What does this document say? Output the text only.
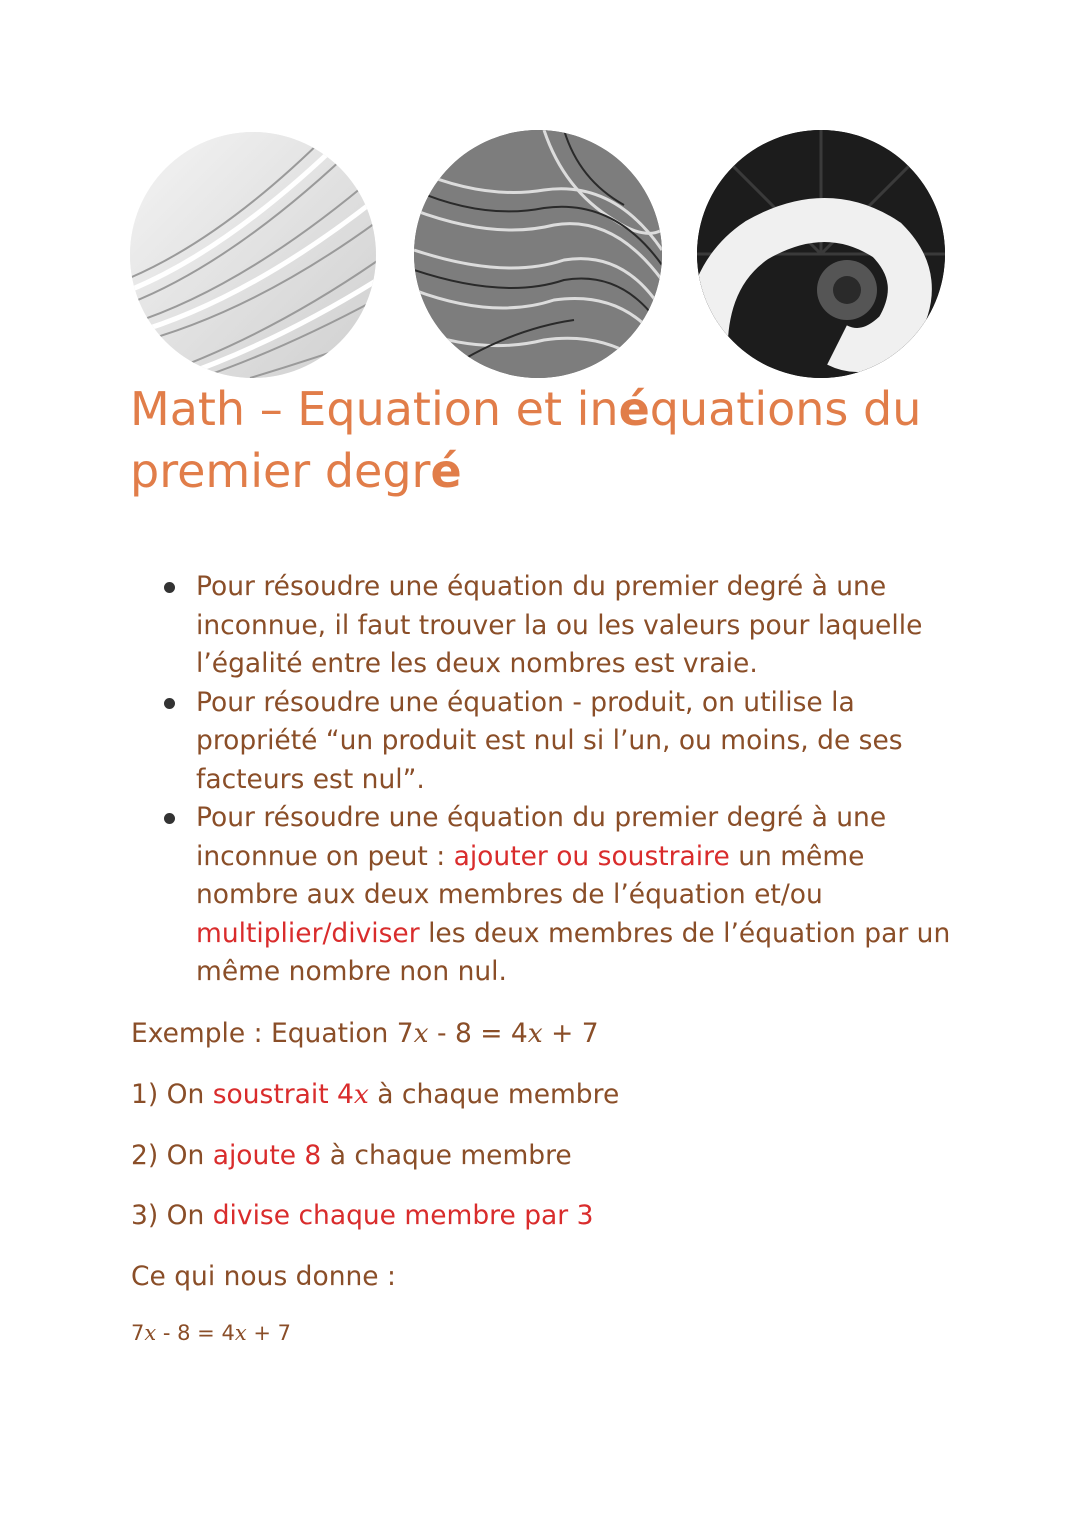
Math – Equation et inéquations du
premier degré
Pour résoudre une équation du premier degré à une
inconnue, il faut trouver la ou les valeurs pour laquelle
l’égalité entre les deux nombres est vraie.
Pour résoudre une équation - produit, on utilise la
propriété “un produit est nul si l’un, ou moins, de ses
facteurs est nul”.
Pour résoudre une équation du premier degré à une
inconnue on peut : ajouter ou soustraire un même
nombre aux deux membres de l’équation et/ou
multiplier/diviser les deux membres de l’équation par un
même nombre non nul.

Exemple : Equation 7x - 8 = 4x + 7

1) On soustrait 4x à chaque membre

2) On ajoute 8 à chaque membre

3) On divise chaque membre par 3

Ce qui nous donne :

7x - 8 = 4x + 7
